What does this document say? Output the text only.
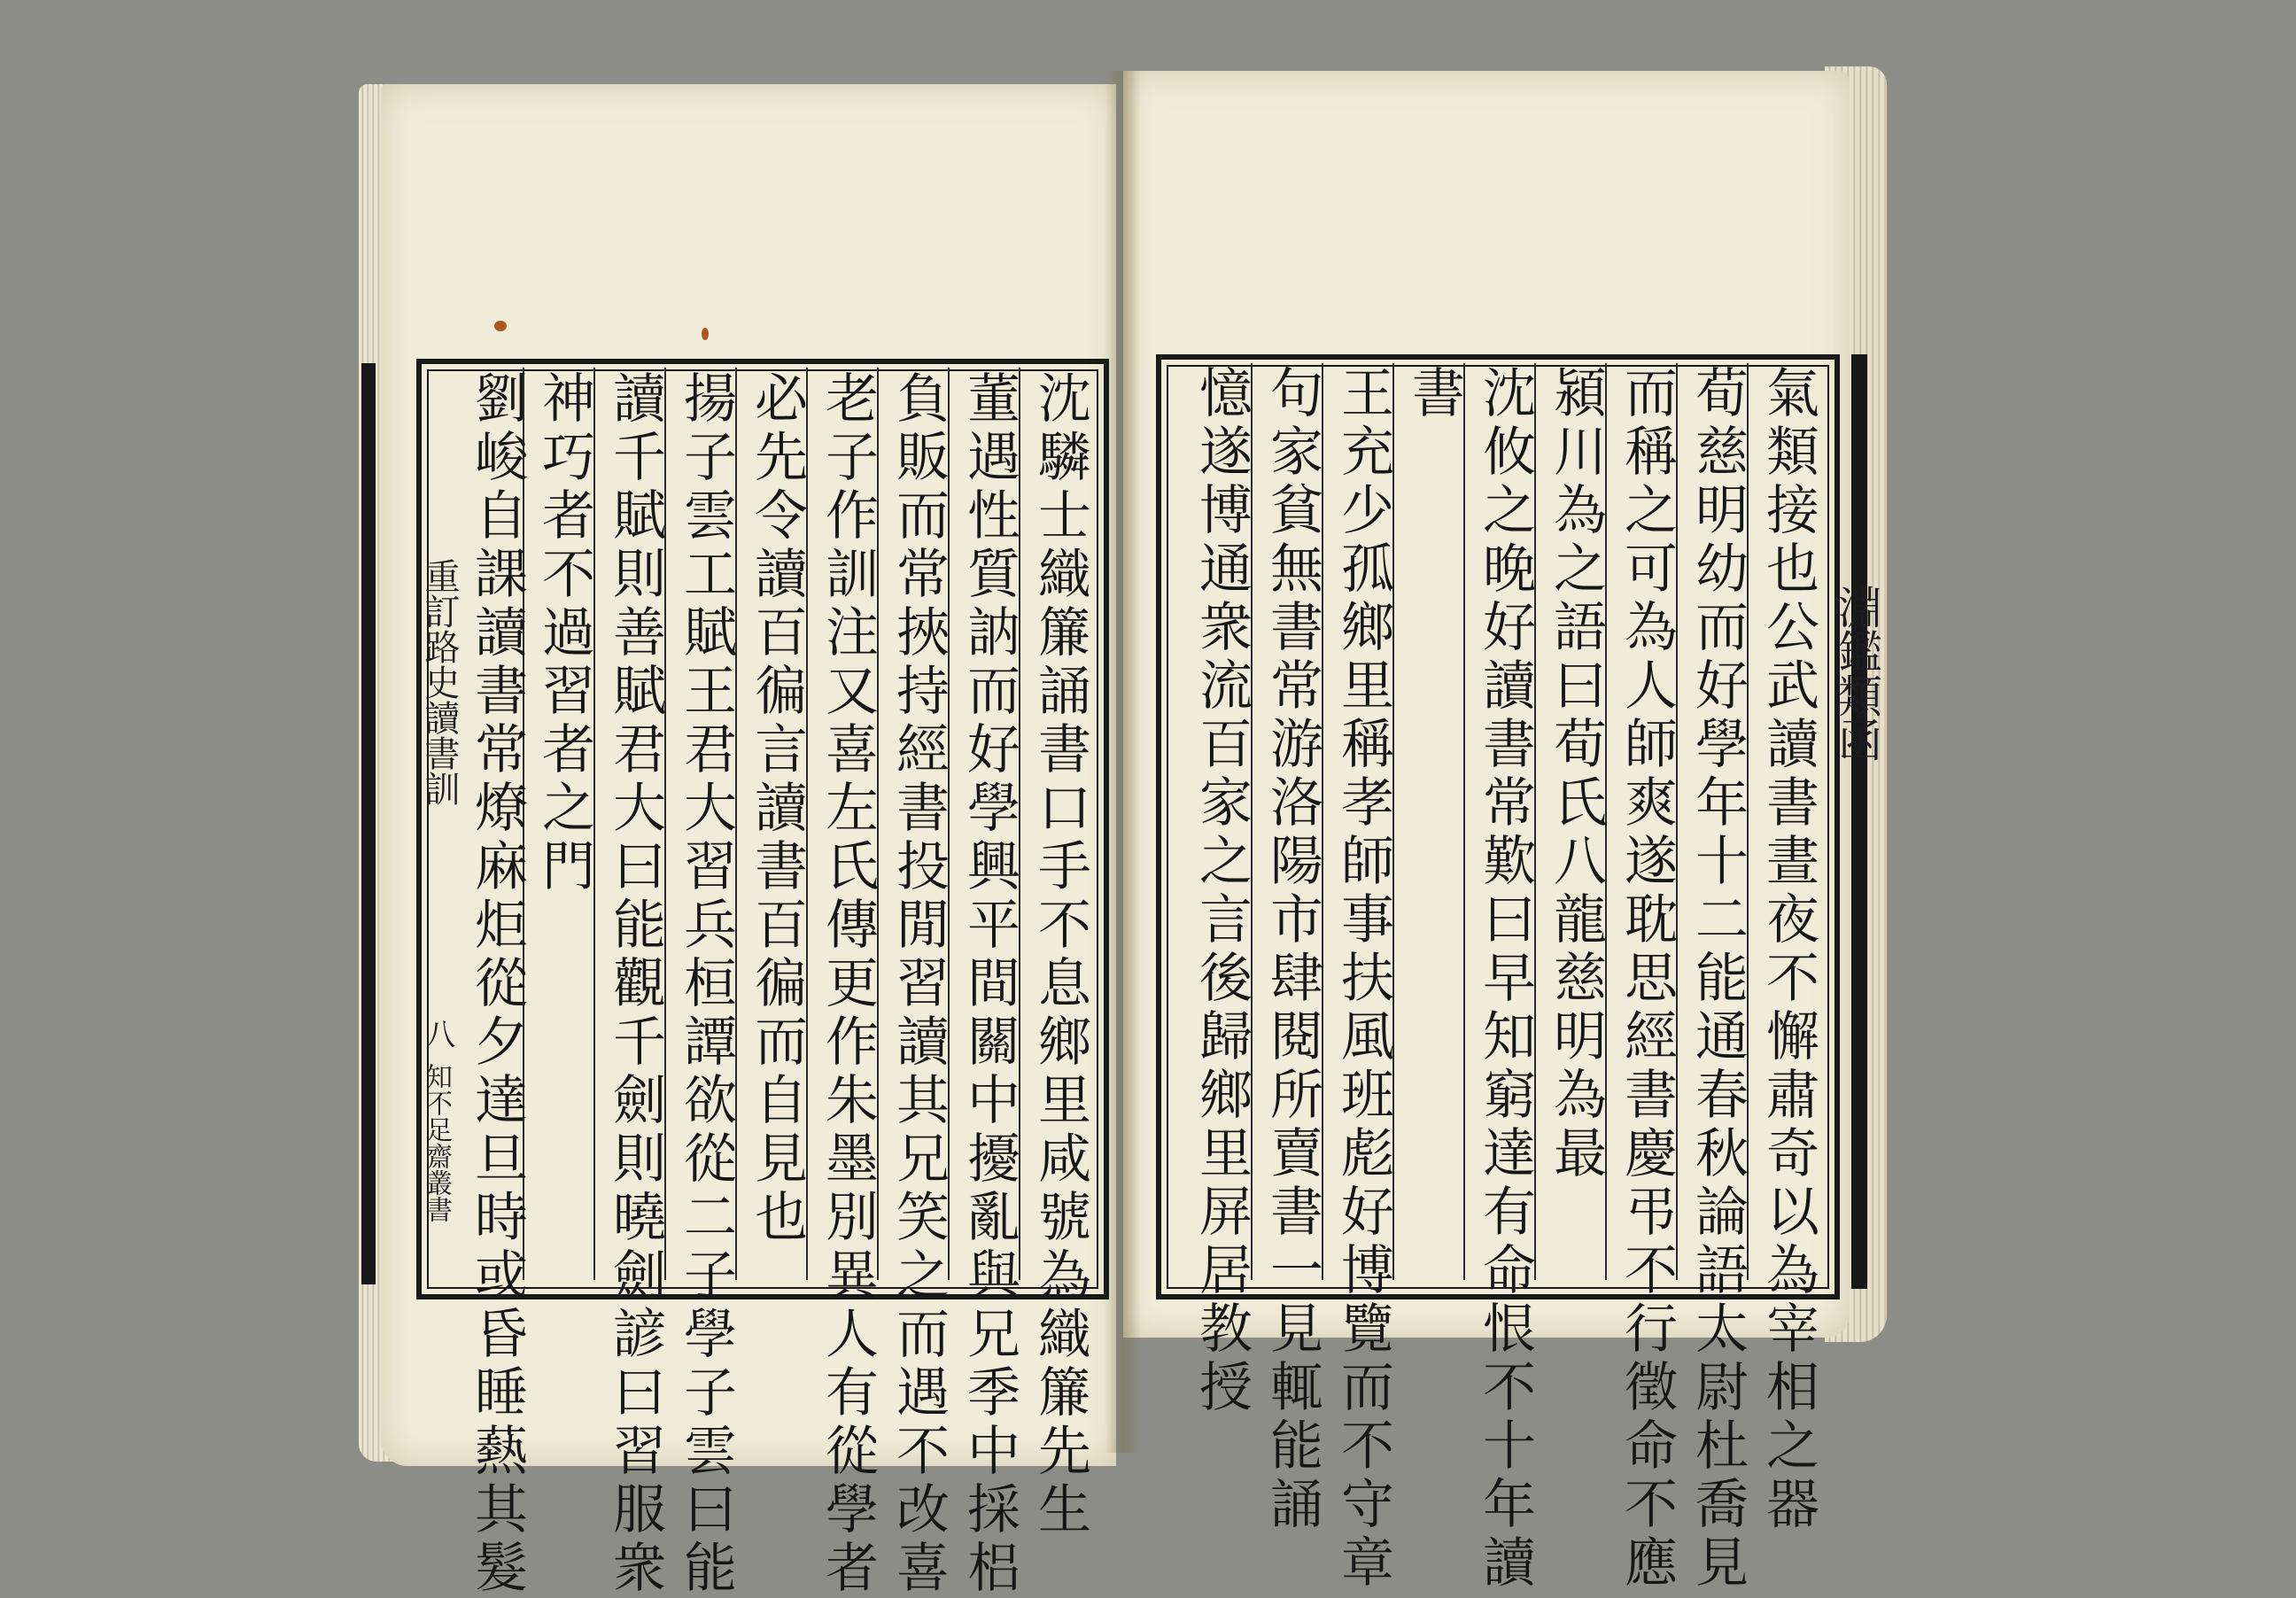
沈驎士織簾誦書口手不息鄉里咸號為織簾先生
董遇性質訥而好學興平間關中擾亂與兄季中採梠
負販而常挾持經書投閒習讀其兄笑之而遇不改喜
老子作訓注又喜左氏傳更作朱墨別異人有從學者
必先令讀百徧言讀書百徧而自見也
揚子雲工賦王君大習兵桓譚欲從二子學子雲曰能
讀千賦則善賦君大曰能觀千劍則曉劍諺曰習服衆
神巧者不過習者之門
劉峻自課讀書常燎麻炬從夕達旦時或昏睡爇其髮
重訂路史讀書訓
八
知不足齋叢書
淵鑑類函
氣類接也公武讀書晝夜不懈肅奇以為宰相之器
荀慈明幼而好學年十二能通春秋論語太尉杜喬見
而稱之可為人師爽遂耽思經書慶弔不行徵命不應
潁川為之語曰荀氏八龍慈明為最
沈攸之晚好讀書常歎曰早知窮達有命恨不十年讀
書
王充少孤鄉里稱孝師事扶風班彪好博覽而不守章
句家貧無書常游洛陽市肆閱所賣書一見輒能誦
憶遂博通衆流百家之言後歸鄉里屏居教授
